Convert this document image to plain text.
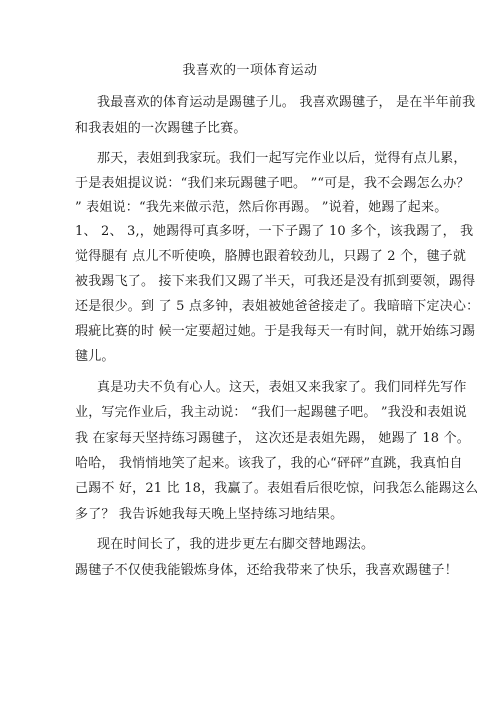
我喜欢的一项体育运动
我最喜欢的体育运动是踢毽子儿。 我喜欢踢毽子， 是在半年前我
和我表姐的一次踢毽子比赛。
那天，表姐到我家玩。我们一起写完作业以后，觉得有点儿累，
于是表姐提议说：“我们来玩踢毽子吧。 ”“可是，我不会踢怎么办？
” 表姐说：“我先来做示范，然后你再踢。 ”说着，她踢了起来。
1、 2、 3,，她踢得可真多呀，一下子踢了 10 多个，该我踢了， 我
觉得腿有 点儿不听使唤，胳膊也跟着较劲儿，只踢了 2 个，毽子就
被我踢飞了。 接下来我们又踢了半天，可我还是没有抓到要领，踢得
还是很少。到 了 5 点多钟，表姐被她爸爸接走了。我暗暗下定决心：
瑕疵比赛的时 候一定要超过她。于是我每天一有时间，就开始练习踢
毽儿。
真是功夫不负有心人。这天，表姐又来我家了。我们同样先写作
业，写完作业后，我主动说： “我们一起踢毽子吧。 ”我没和表姐说
我 在家每天坚持练习踢毽子， 这次还是表姐先踢， 她踢了 18 个。
哈哈， 我悄悄地笑了起来。该我了，我的心“砰砰”直跳，我真怕自
己踢不 好，21 比 18，我赢了。表姐看后很吃惊，问我怎么能踢这么
多了？ 我告诉她我每天晚上坚持练习地结果。
现在时间长了，我的进步更左右脚交替地踢法。
踢毽子不仅使我能锻炼身体，还给我带来了快乐，我喜欢踢毽子！
